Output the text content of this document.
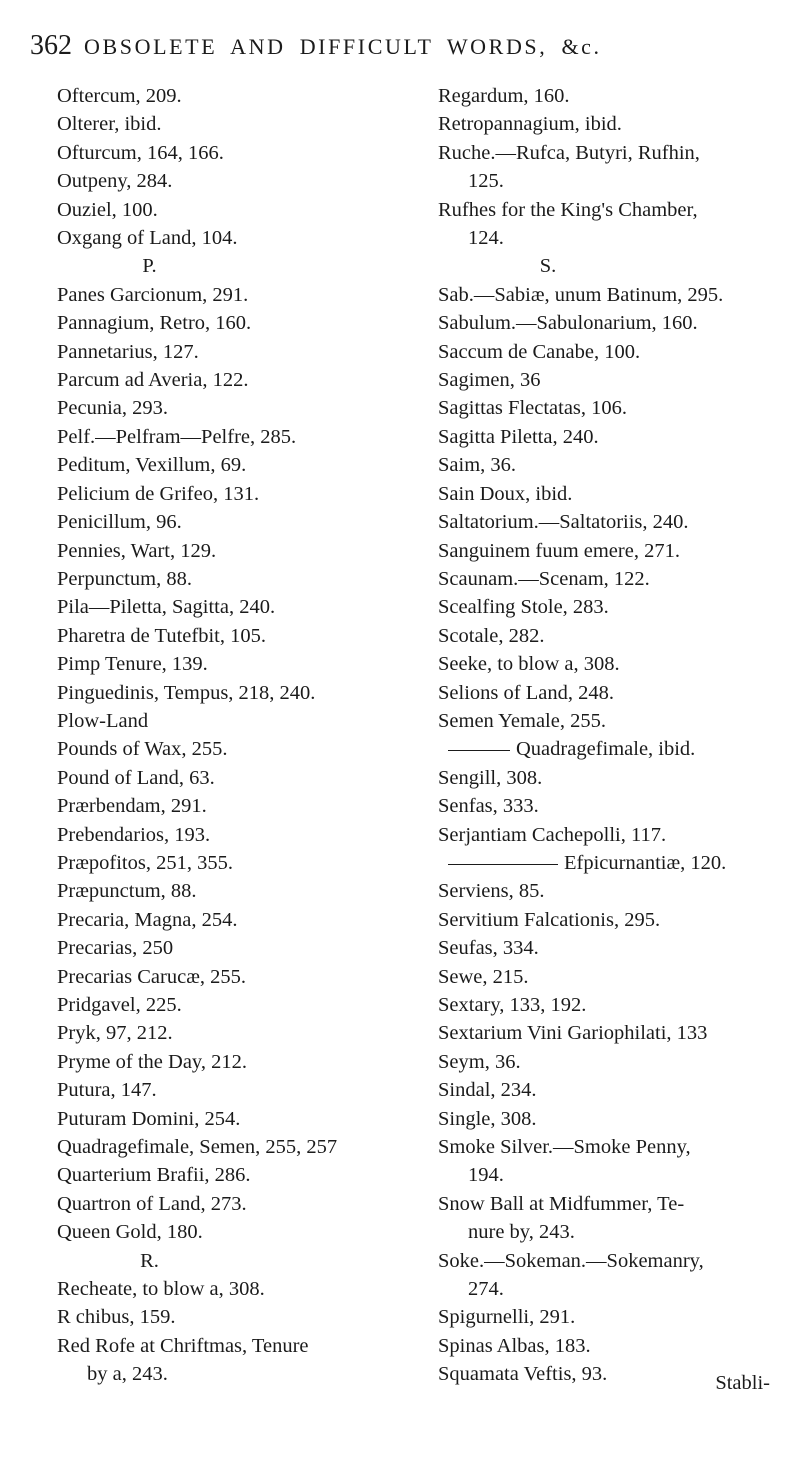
362 OBSOLETE AND DIFFICULT WORDS, &c.
Oftercum, 209.
Olterer, ibid.
Ofturcum, 164, 166.
Outpeny, 284.
Ouziel, 100.
Oxgang of Land, 104.
P.
Panes Garcionum, 291.
Pannagium, Retro, 160.
Pannetarius, 127.
Parcum ad Averia, 122.
Pecunia, 293.
Pelf.—Pelfram—Pelfre, 285.
Peditum, Vexillum, 69.
Pelicium de Grifeo, 131.
Penicillum, 96.
Pennies, Wart, 129.
Perpunctum, 88.
Pila—Piletta, Sagitta, 240.
Pharetra de Tutefbit, 105.
Pimp Tenure, 139.
Pinguedinis, Tempus, 218, 240.
Plow-Land
Pounds of Wax, 255.
Pound of Land, 63.
Prærbendam, 291.
Prebendarios, 193.
Præpofitos, 251, 355.
Præpunctum, 88.
Precaria, Magna, 254.
Precarias, 250
Precarias Carucæ, 255.
Pridgavel, 225.
Pryk, 97, 212.
Pryme of the Day, 212.
Putura, 147.
Puturam Domini, 254.
Quadragefimale, Semen, 255, 257
Quarterium Brafii, 286.
Quartron of Land, 273.
Queen Gold, 180.
R.
Recheate, to blow a, 308.
R chibus, 159.
Red Rofe at Chriftmas, Tenure
by a, 243.
Regardum, 160.
Retropannagium, ibid.
Ruche.—Rufca, Butyri, Rufhin,
125.
Rufhes for the King's Chamber,
124.
S.
Sab.—Sabiæ, unum Batinum, 295.
Sabulum.—Sabulonarium, 160.
Saccum de Canabe, 100.
Sagimen, 36
Sagittas Flectatas, 106.
Sagitta Piletta, 240.
Saim, 36.
Sain Doux, ibid.
Saltatorium.—Saltatoriis, 240.
Sanguinem fuum emere, 271.
Scaunam.—Scenam, 122.
Scealfing Stole, 283.
Scotale, 282.
Seeke, to blow a, 308.
Selions of Land, 248.
Semen Yemale, 255.
Quadragefimale, ibid.
Sengill, 308.
Senfas, 333.
Serjantiam Cachepolli, 117.
Efpicurnantiæ, 120.
Serviens, 85.
Servitium Falcationis, 295.
Seufas, 334.
Sewe, 215.
Sextary, 133, 192.
Sextarium Vini Gariophilati, 133
Seym, 36.
Sindal, 234.
Single, 308.
Smoke Silver.—Smoke Penny,
194.
Snow Ball at Midfummer, Te-
nure by, 243.
Soke.—Sokeman.—Sokemanry,
274.
Spigurnelli, 291.
Spinas Albas, 183.
Squamata Veftis, 93.	Stabli-
